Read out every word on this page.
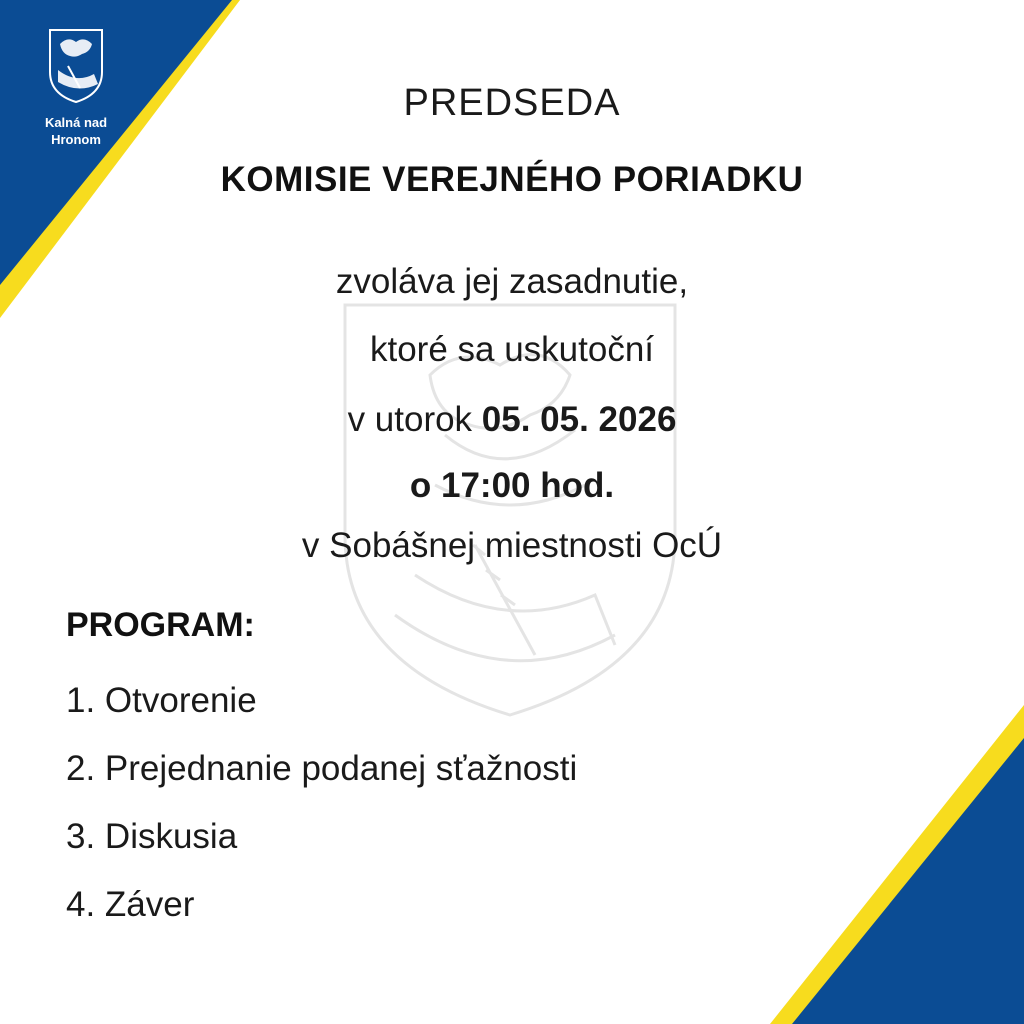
Kalná nad Hronom
PREDSEDA
KOMISIE VEREJNÉHO PORIADKU
zvoláva jej zasadnutie,
ktoré sa uskutoční
v utorok 05. 05. 2026
o 17:00 hod.
v Sobášnej miestnosti OcÚ
PROGRAM:
1. Otvorenie
2. Prejednanie podanej sťažnosti
3. Diskusia
4. Záver
